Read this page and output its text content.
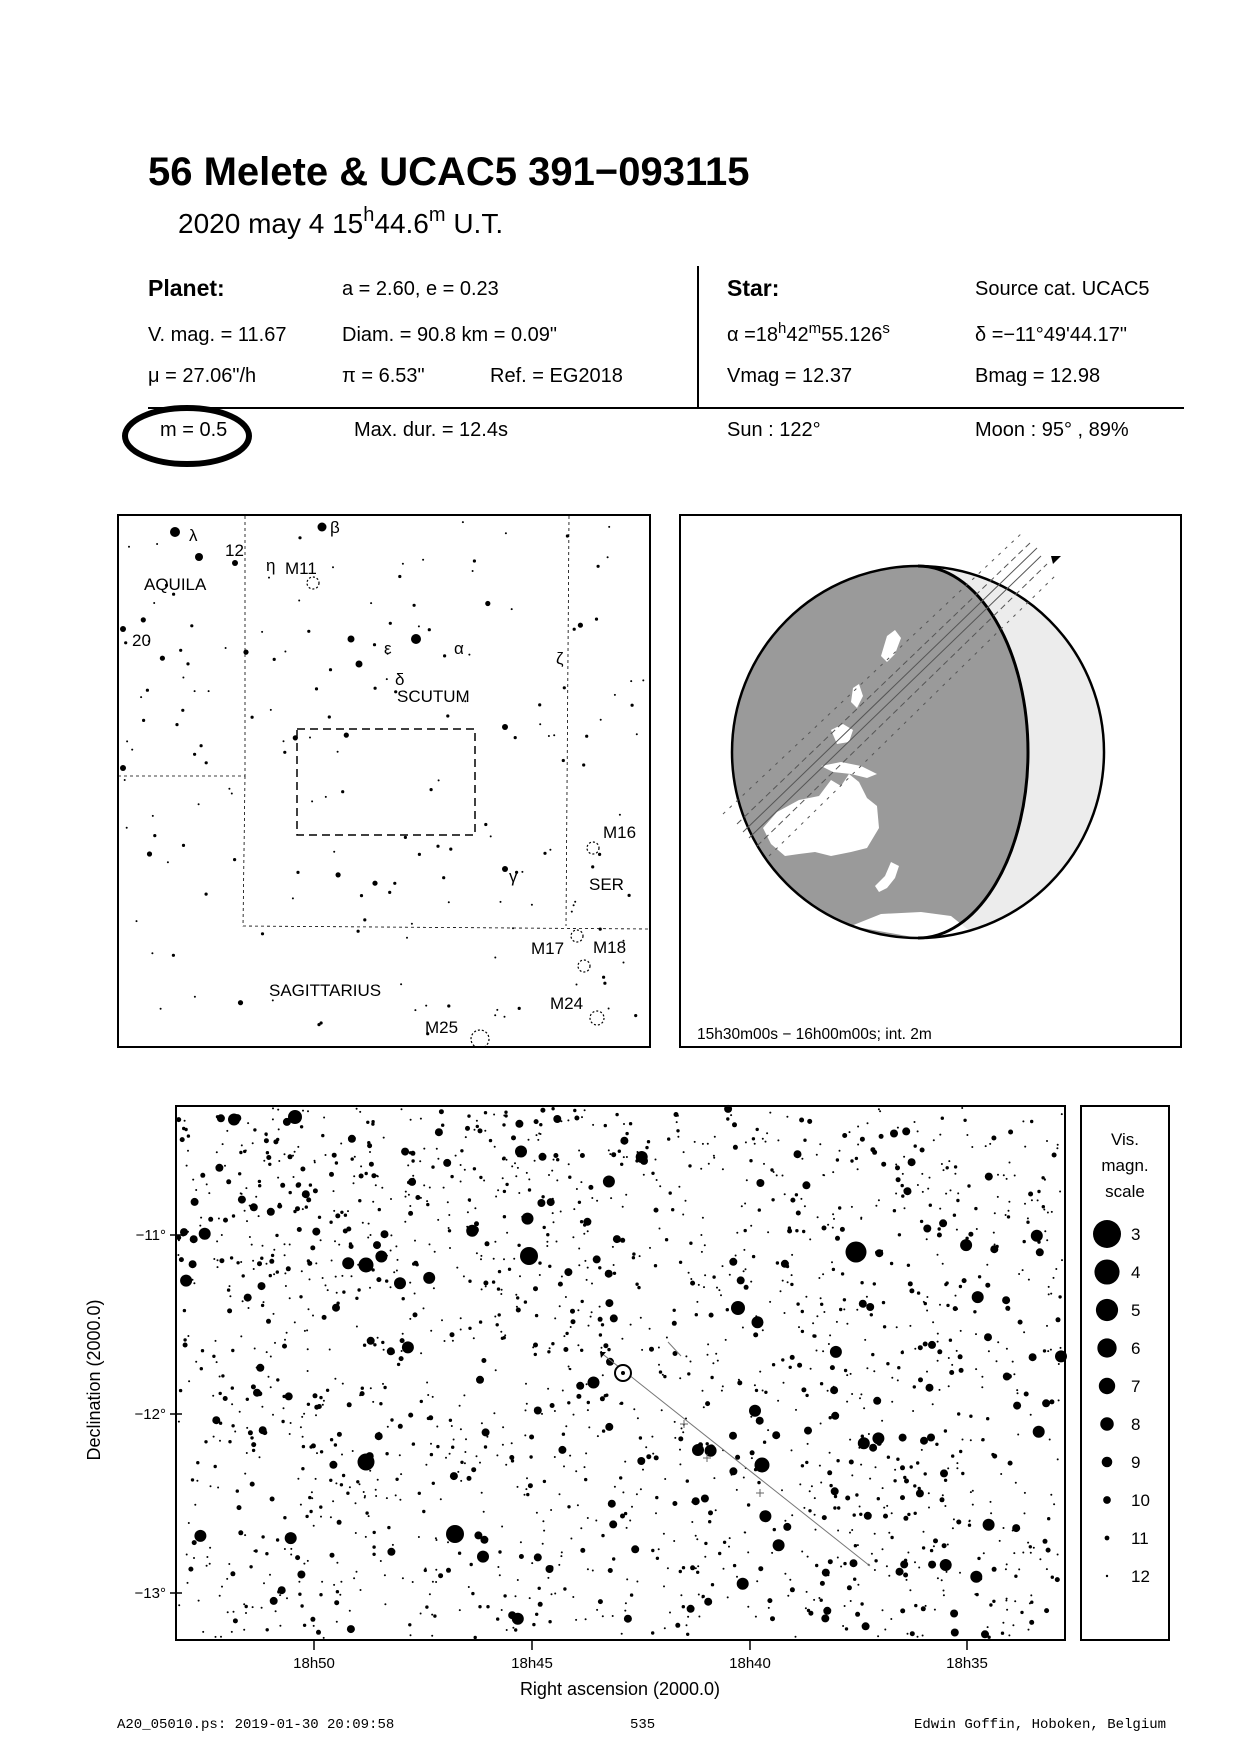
56 Melete & UCAC5 391−093115
2020 may 4 15$^h$44.6$^m$ U.T.
Planet:	a = 2.60, e = 0.23
V. mag. = 11.67	Diam. = 90.8 km = 0.09"
μ = 27.06"/h	π = 6.53"	Ref. = EG2018
Star:	Source cat. UCAC5
$\alpha =18^h42^m55.126^s$	δ =−11°49'44.17"
Vmag = 12.37	Bmag = 12.98
m = 0.5	Max. dur. = 12.4s	Sun : 122°	Moon : 95° , 89%
λ
12
η M11
β
AQUILA
20	ε	α
ζ
δ
SCUTUM
M16
γ	SER
M17 M18
SAGITTARIUS
M24
M25	15h30m00s − 16h00m00s; int. 2m
−11°
−12°
−13°
18h50	18h45	18h40	18h35
Right ascension (2000.0)
Declination (2000.0)
Vis.
magn.
scale
3
4
5
6
7
8
9
10
11
12
A20_05010.ps: 2019-01-30 20:09:58	535	Edwin Goffin, Hoboken, Belgium
